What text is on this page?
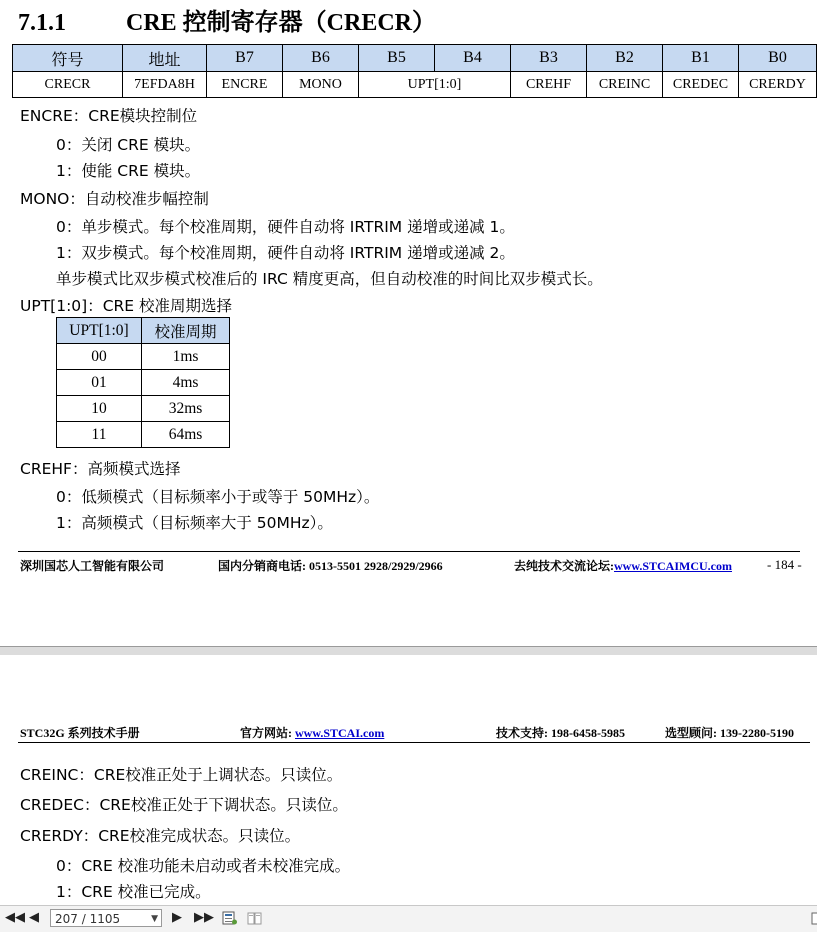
7.1.1	CRE 控制寄存器（CRECR）
符号	地址	B7	B6	B5	B4	B3	B2	B1	B0
CRECR	7EFDA8H	ENCRE	MONO	UPT[1:0]		CREHF	CREINC	CREDEC	CRERDY
ENCRE：CRE模块控制位
0：关闭 CRE 模块。
1：使能 CRE 模块。
MONO：自动校准步幅控制
0：单步模式。每个校准周期，硬件自动将 IRTRIM 递增或递减 1。
1：双步模式。每个校准周期，硬件自动将 IRTRIM 递增或递减 2。
单步模式比双步模式校准后的 IRC 精度更高，但自动校准的时间比双步模式长。
UPT[1:0]：CRE 校准周期选择
UPT[1:0]	校准周期
00	1ms
01	4ms
10	32ms
11	64ms
CREHF：高频模式选择
0：低频模式（目标频率小于或等于 50MHz）。
1：高频模式（目标频率大于 50MHz）。
深圳国芯人工智能有限公司	国内分销商电话: 0513-5501 2928/2929/2966	去纯技术交流论坛:www.STCAIMCU.com	- 184 -
STC32G 系列技术手册	官方网站: www.STCAI.com	技术支持: 198-6458-5985	选型顾问: 139-2280-5190
CREINC：CRE校准正处于上调状态。只读位。
CREDEC：CRE校准正处于下调状态。只读位。
CRERDY：CRE校准完成状态。只读位。
0：CRE 校准功能未启动或者未校准完成。
1：CRE 校准已完成。
◀◀ ◀	207 / 1105	▼ ▶ ▶▶
